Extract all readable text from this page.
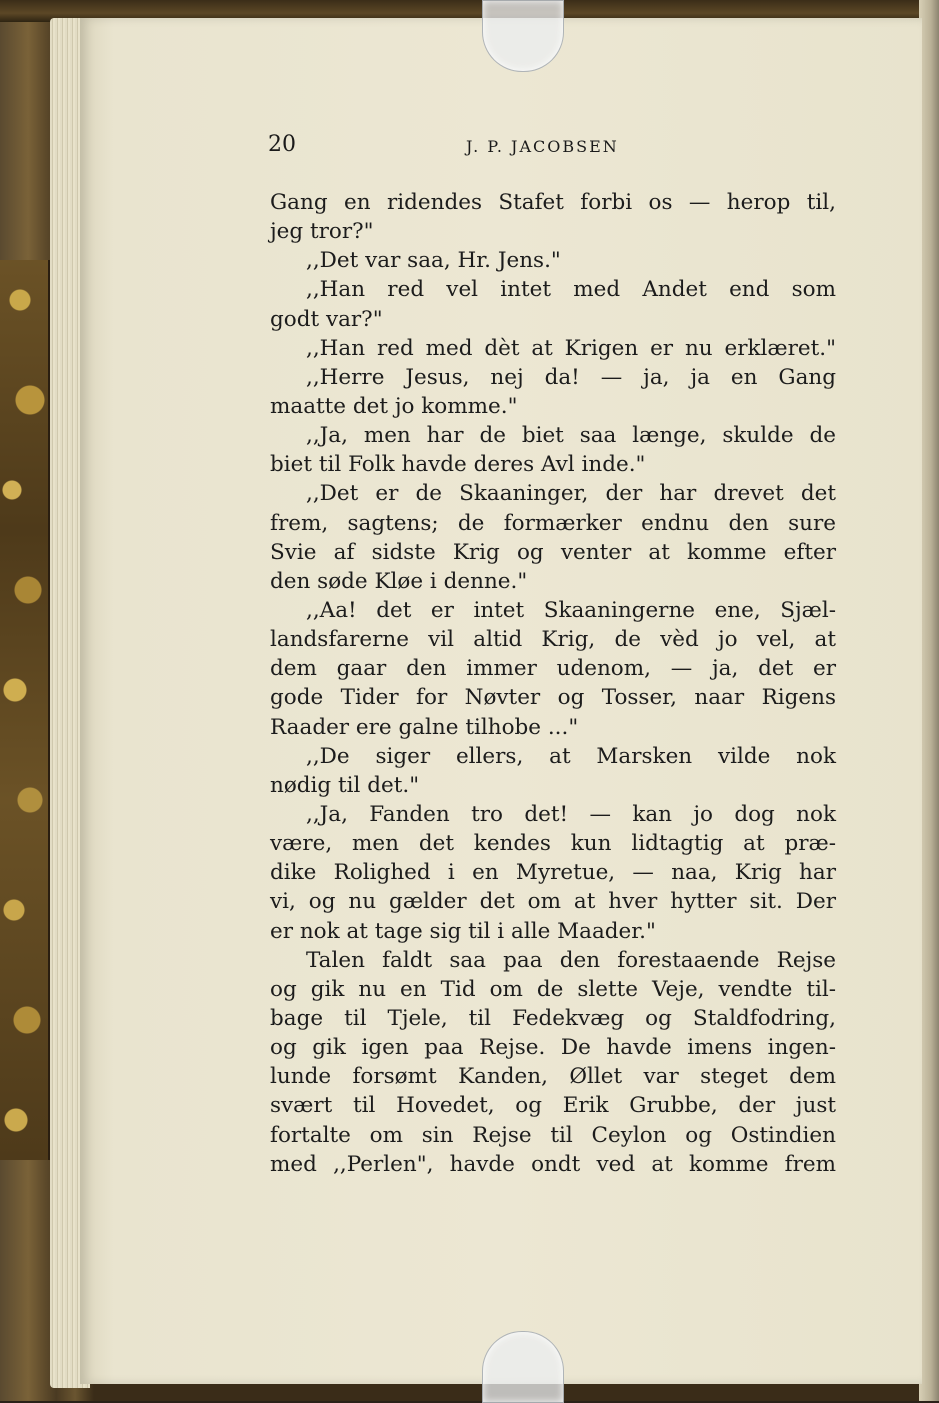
20	J. P. JACOBSEN
Gang en ridendes Stafet forbi os — herop til,
jeg tror?"
,,Det var saa, Hr. Jens."
,,Han red vel intet med Andet end som
godt var?"
,,Han red med dèt at Krigen er nu erklæret."
,,Herre Jesus, nej da! — ja, ja en Gang
maatte det jo komme."
,,Ja, men har de biet saa længe, skulde de
biet til Folk havde deres Avl inde."
,,Det er de Skaaninger, der har drevet det
frem, sagtens; de formærker endnu den sure
Svie af sidste Krig og venter at komme efter
den søde Kløe i denne."
,,Aa! det er intet Skaaningerne ene, Sjæl-
landsfarerne vil altid Krig, de vèd jo vel, at
dem gaar den immer udenom, — ja, det er
gode Tider for Nøvter og Tosser, naar Rigens
Raader ere galne tilhobe ..."
,,De siger ellers, at Marsken vilde nok
nødig til det."
,,Ja, Fanden tro det! — kan jo dog nok
være, men det kendes kun lidtagtig at præ-
dike Rolighed i en Myretue, — naa, Krig har
vi, og nu gælder det om at hver hytter sit. Der
er nok at tage sig til i alle Maader."
Talen faldt saa paa den forestaaende Rejse
og gik nu en Tid om de slette Veje, vendte til-
bage til Tjele, til Fedekvæg og Staldfodring,
og gik igen paa Rejse. De havde imens ingen-
lunde forsømt Kanden, Øllet var steget dem
svært til Hovedet, og Erik Grubbe, der just
fortalte om sin Rejse til Ceylon og Ostindien
med ,,Perlen", havde ondt ved at komme frem
